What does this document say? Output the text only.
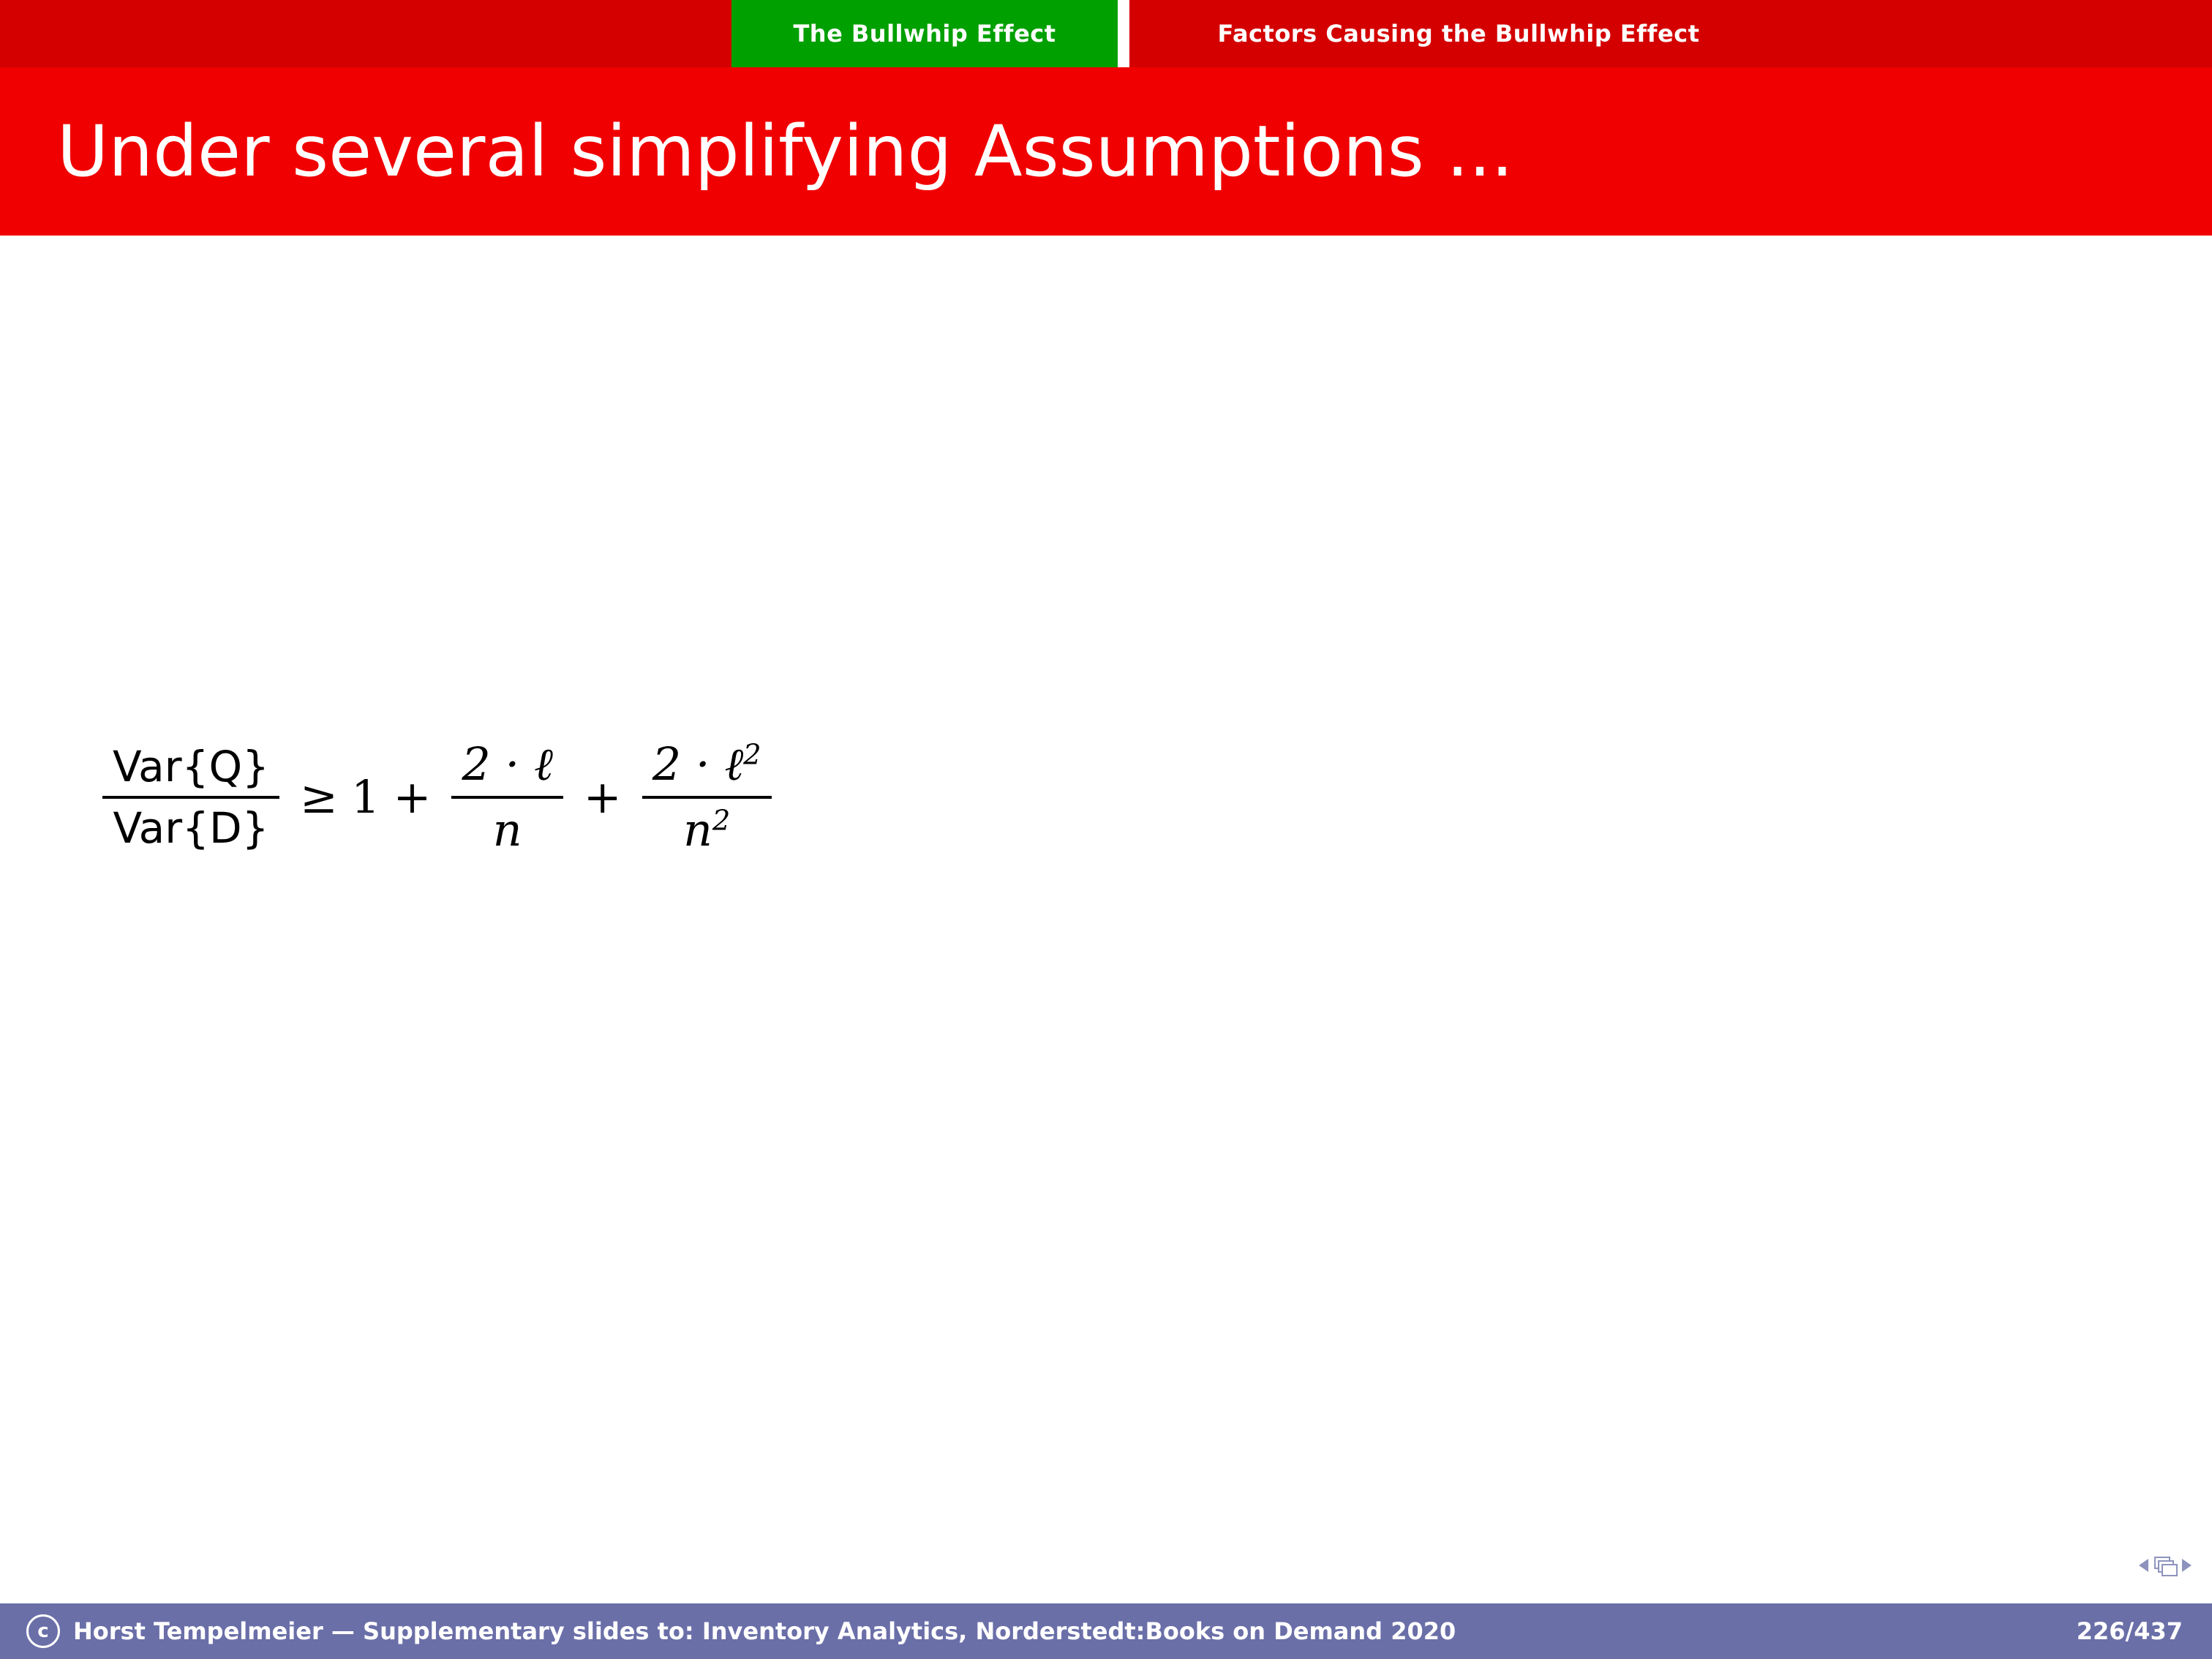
The Bullwhip Effect	Factors Causing the Bullwhip Effect
Under several simplifying Assumptions ...
$\frac{\text{Var\{Q\}}}{\text{Var\{D\}}} \ge 1 + \frac{\text{2 · ℓ}}{n} + \frac{2 \cdot \ell^2}{n^2}$
c	Horst Tempelmeier — Supplementary slides to: Inventory Analytics, Norderstedt:Books on Demand 2020	226/437
